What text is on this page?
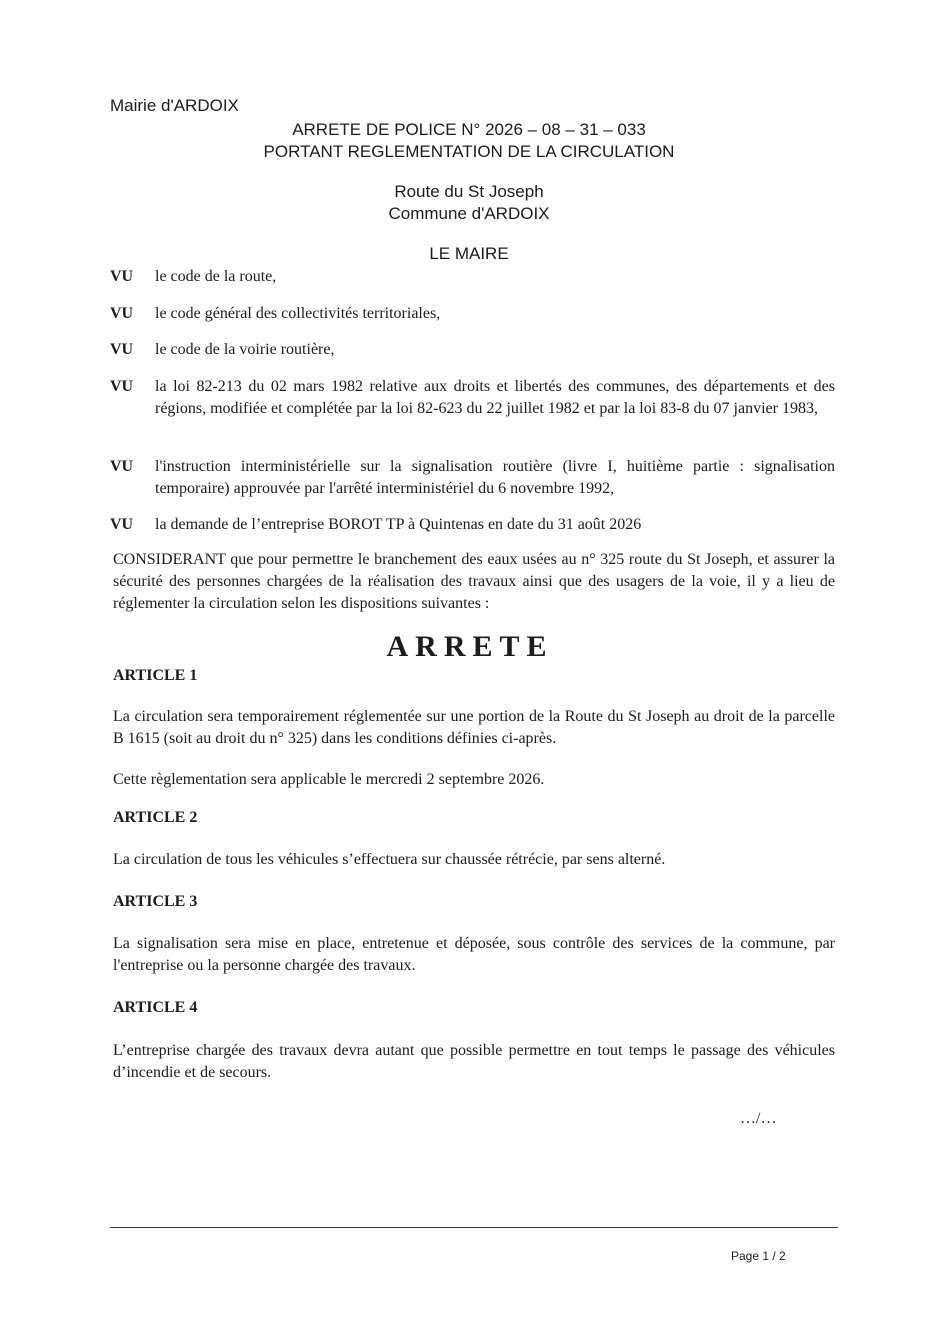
Mairie d'ARDOIX
ARRETE DE POLICE N° 2026 – 08 – 31 – 033
PORTANT REGLEMENTATION DE LA CIRCULATION
Route du St Joseph
Commune d'ARDOIX
LE MAIRE
VU	le code de la route,
VU	le code général des collectivités territoriales,
VU	le code de la voirie routière,
VU	la loi 82-213 du 02 mars 1982 relative aux droits et libertés des communes, des départements et des régions, modifiée et complétée par la loi 82-623 du 22 juillet 1982 et par la loi 83-8 du 07 janvier 1983,
VU	l'instruction interministérielle sur la signalisation routière (livre I, huitième partie : signalisation temporaire) approuvée par l'arrêté interministériel du 6 novembre 1992,
VU	la demande de l’entreprise BOROT TP à Quintenas en date du 31 août 2026
CONSIDERANT que pour permettre le branchement des eaux usées au n° 325 route du St Joseph, et assurer la sécurité des personnes chargées de la réalisation des travaux ainsi que des usagers de la voie, il y a lieu de réglementer la circulation selon les dispositions suivantes :
ARRETE
ARTICLE 1
La circulation sera temporairement réglementée sur une portion de la Route du St Joseph au droit de la parcelle B 1615 (soit au droit du n° 325) dans les conditions définies ci-après.
Cette règlementation sera applicable le mercredi 2 septembre 2026.
ARTICLE 2
La circulation de tous les véhicules s’effectuera sur chaussée rétrécie, par sens alterné.
ARTICLE 3
La signalisation sera mise en place, entretenue et déposée, sous contrôle des services de la commune, par l'entreprise ou la personne chargée des travaux.
ARTICLE 4
L’entreprise chargée des travaux devra autant que possible permettre en tout temps le passage des véhicules d’incendie et de secours.
…/…
Page 1 / 2
